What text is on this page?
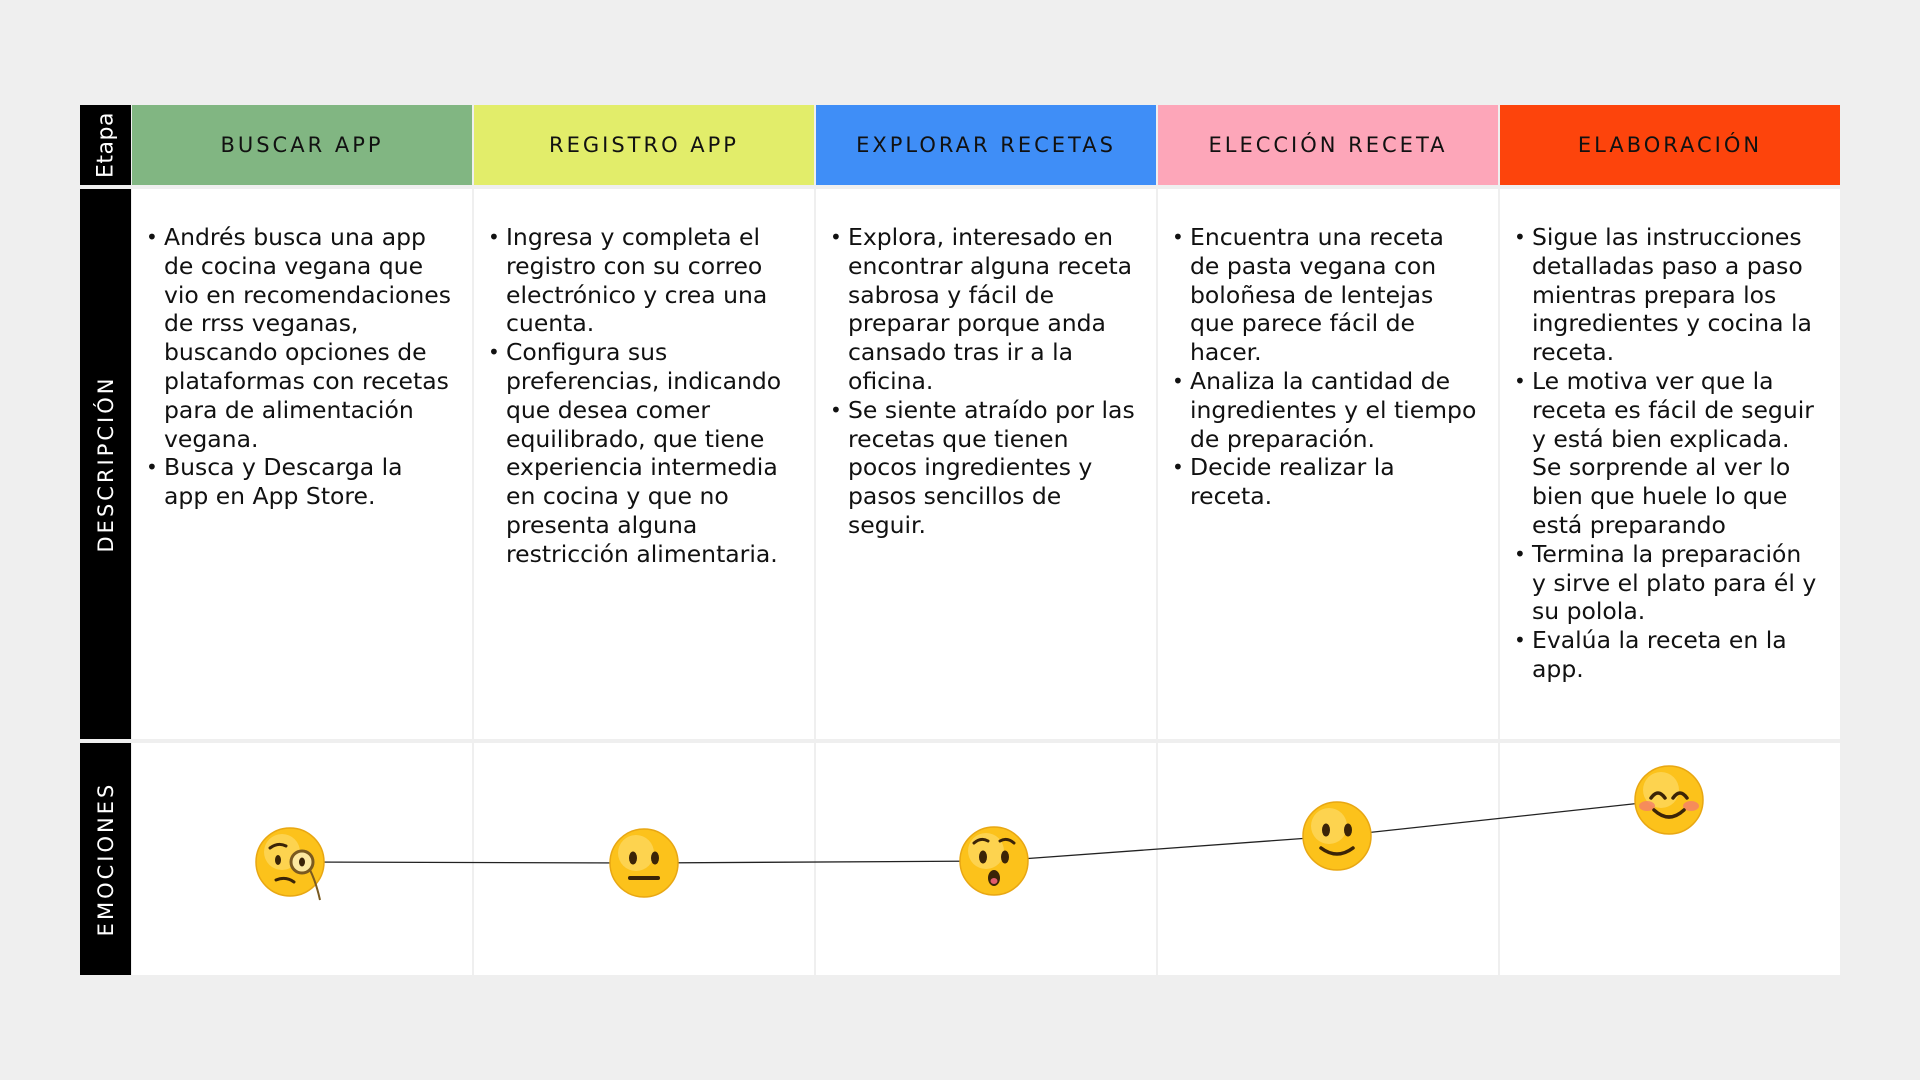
Etapa
DESCRIPCIÓN
EMOCIONES
BUSCAR APP
• Andrés busca una app de cocina vegana que vio en recomendaciones de rrss veganas, buscando opciones de plataformas con recetas para de alimentación vegana.
• Busca y Descarga la app en App Store.
REGISTRO APP
• Ingresa y completa el registro con su correo electrónico y crea una cuenta.
• Configura sus preferencias, indicando que desea comer equilibrado, que tiene experiencia intermedia en cocina y que no presenta alguna restricción alimentaria.
EXPLORAR RECETAS
• Explora, interesado en encontrar alguna receta sabrosa y fácil de preparar porque anda cansado tras ir a la oficina.
• Se siente atraído por las recetas que tienen pocos ingredientes y pasos sencillos de seguir.
ELECCIÓN RECETA
• Encuentra una receta de pasta vegana con boloñesa de lentejas que parece fácil de hacer.
• Analiza la cantidad de ingredientes y el tiempo de preparación.
• Decide realizar la receta.
ELABORACIÓN
• Sigue las instrucciones detalladas paso a paso mientras prepara los ingredientes y cocina la receta.
• Le motiva ver que la receta es fácil de seguir y está bien explicada. Se sorprende al ver lo bien que huele lo que está preparando
• Termina la preparación y sirve el plato para él y su polola.
• Evalúa la receta en la app.
